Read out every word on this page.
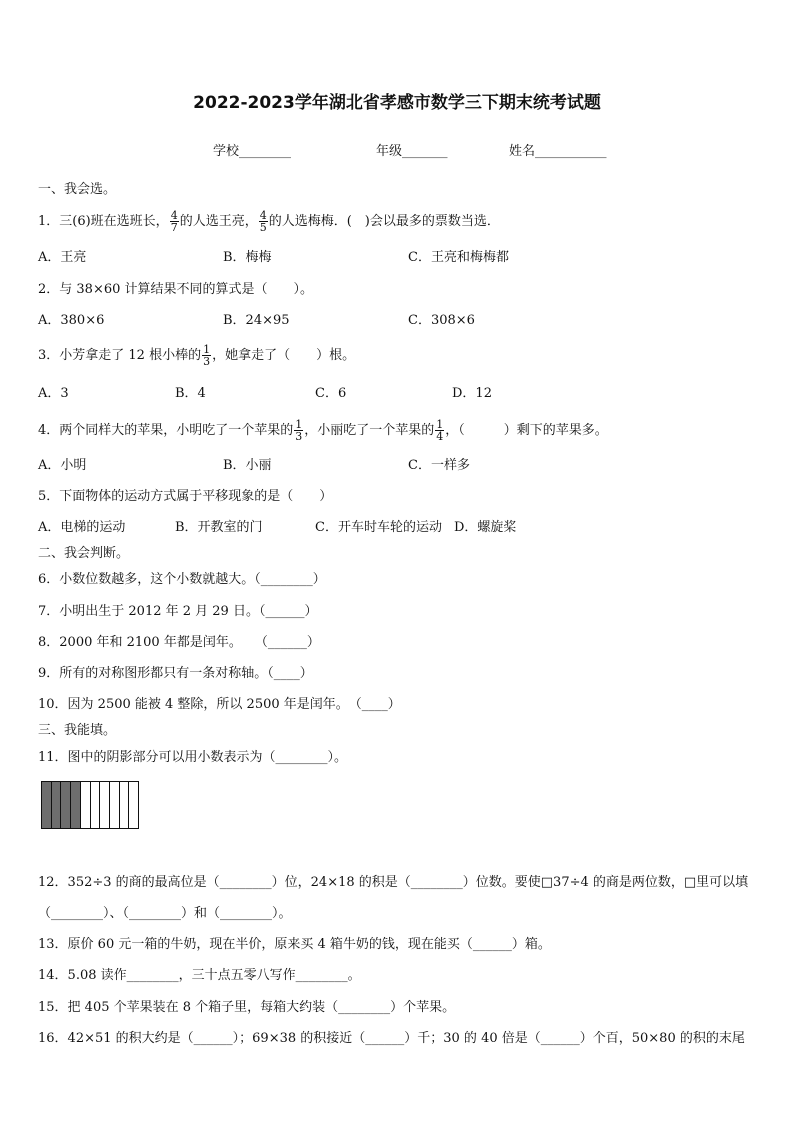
2022-2023学年湖北省孝感市数学三下期末统考试题
学校________	年级_______	姓名___________
一、我会选。
1．三(6)班在选班长， $\frac{4}{7}$ 的人选王亮， $\frac{4}{5}$ 的人选梅梅．(　)会以最多的票数当选．
A．王亮	B．梅梅	C．王亮和梅梅都
2．与 38×60 计算结果不同的算式是（　　）。
A．380×6	B．24×95	C．308×6
3．小芳拿走了 12 根小棒的 $\frac{1}{3}$ ，她拿走了（　　）根。
A．3	B．4	C．6	D．12
4．两个同样大的苹果，小明吃了一个苹果的 $\frac{1}{3}$ ，小丽吃了一个苹果的 $\frac{1}{4}$ ，（　　　）剩下的苹果多。
A．小明	B．小丽	C．一样多
5．下面物体的运动方式属于平移现象的是（　　）
A．电梯的运动	B．开教室的门	C．开车时车轮的运动 D．螺旋桨
二、我会判断。
6．小数位数越多，这个小数就越大。（________）
7．小明出生于 2012 年 2 月 29 日。（______）
8．2000 年和 2100 年都是闰年。　　（______）
9．所有的对称图形都只有一条对称轴。（____）
10．因为 2500 能被 4 整除，所以 2500 年是闰年。　（____）
三、我能填。
11．图中的阴影部分可以用小数表示为（________）。
12．352÷3 的商的最高位是（________）位，24×18 的积是（________）位数。要使□37÷4 的商是两位数，□里可以填
（________）、（________）和（________）。
13．原价 60 元一箱的牛奶，现在半价，原来买 4 箱牛奶的钱，现在能买（______）箱。
14．5.08 读作________，三十点五零八写作________。
15．把 405 个苹果装在 8 个箱子里，每箱大约装（________）个苹果。
16．42×51 的积大约是（______）；69×38 的积接近（______）千；30 的 40 倍是（______）个百，50×80 的积的末尾
